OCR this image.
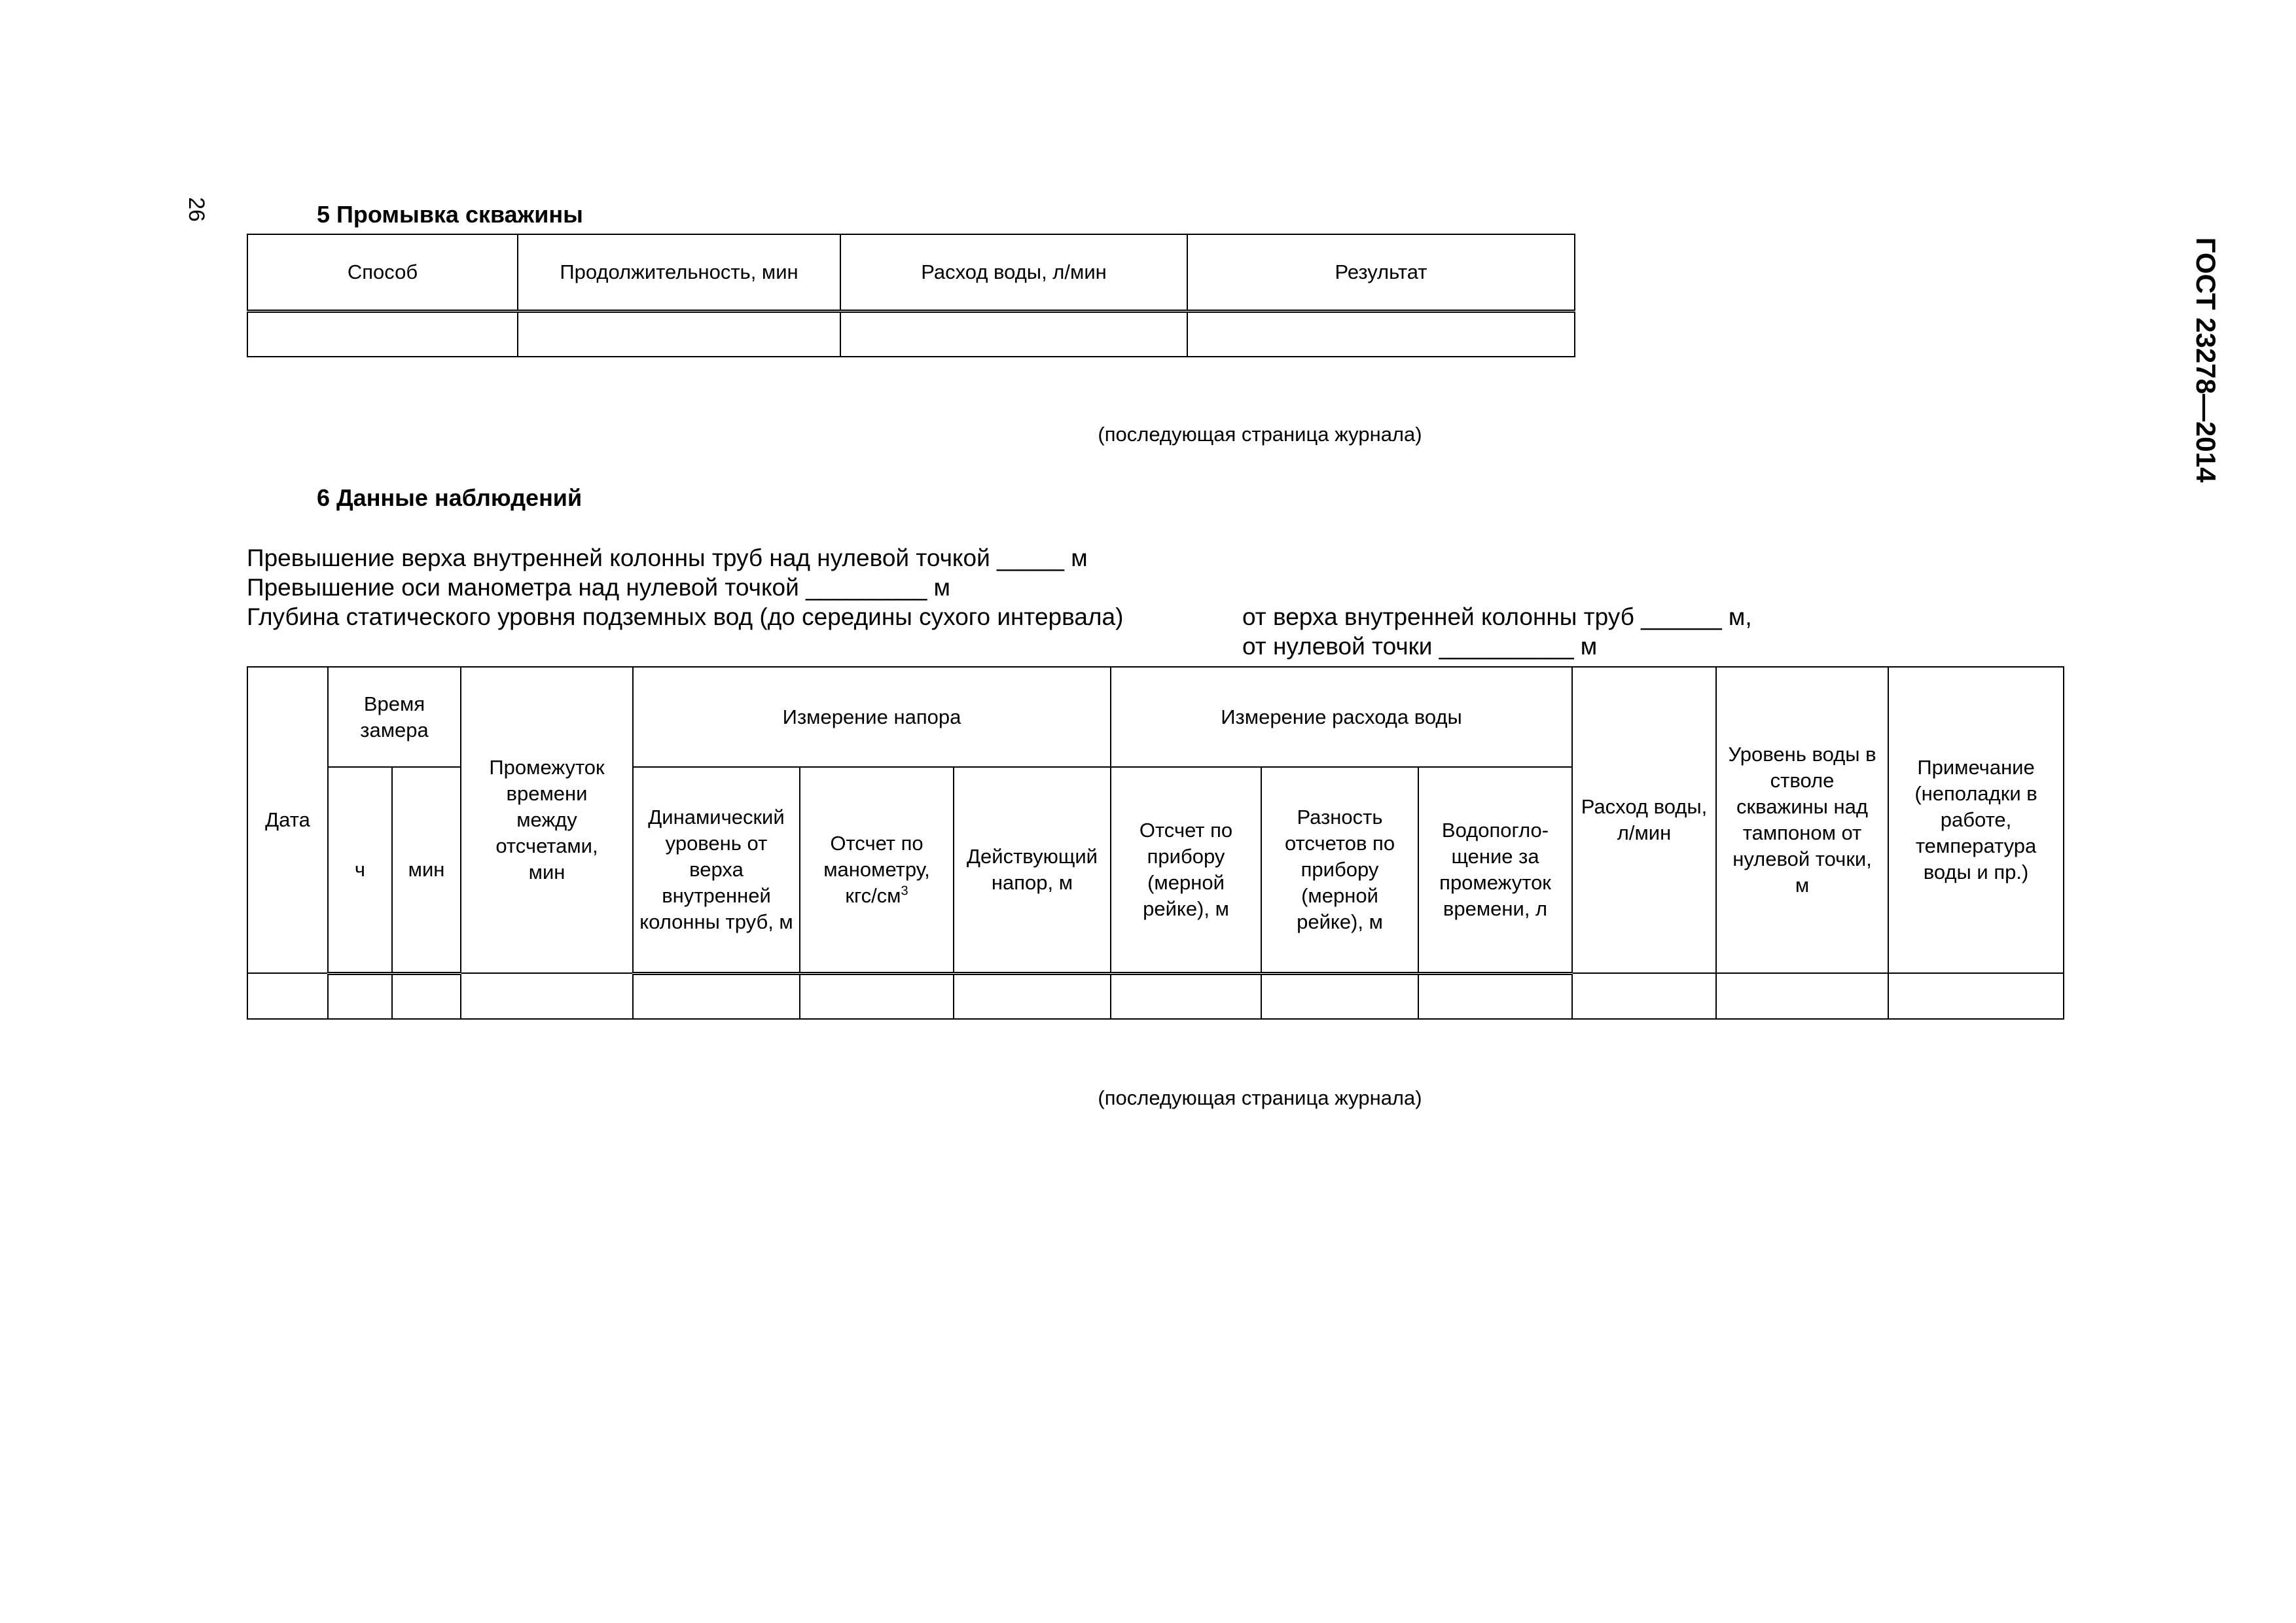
26
ГОСТ 23278—2014
5 Промывка скважины
Способ	Продолжительность, мин	Расход воды, л/мин	Результат

(последующая страница журнала)
6 Данные наблюдений
Превышение верха внутренней колонны труб над нулевой точкой _____ м
Превышение оси манометра над нулевой точкой _________ м
Глубина статического уровня подземных вод (до середины сухого интервала)	от верха внутренней колонны труб ______ м,
от нулевой точки __________ м
Дата	Время замера		Промежуток времени между отсчетами, мин	Измерение напора			Измерение расхода воды			Расход воды, л/мин	Уровень воды в стволе скважины над тампоном от нулевой точки, м	Примечание (неполадки в работе, температура воды и пр.)

	ч	мин		Динамический уровень от верха внутренней колонны труб, м	Отсчет по манометру, кгс/$см^3$	Действующий напор, м	Отсчет по прибору (мерной рейке), м	Разность отсчетов по прибору (мерной рейке), м	Водопогло-щение за промежуток времени, л			

(последующая страница журнала)
